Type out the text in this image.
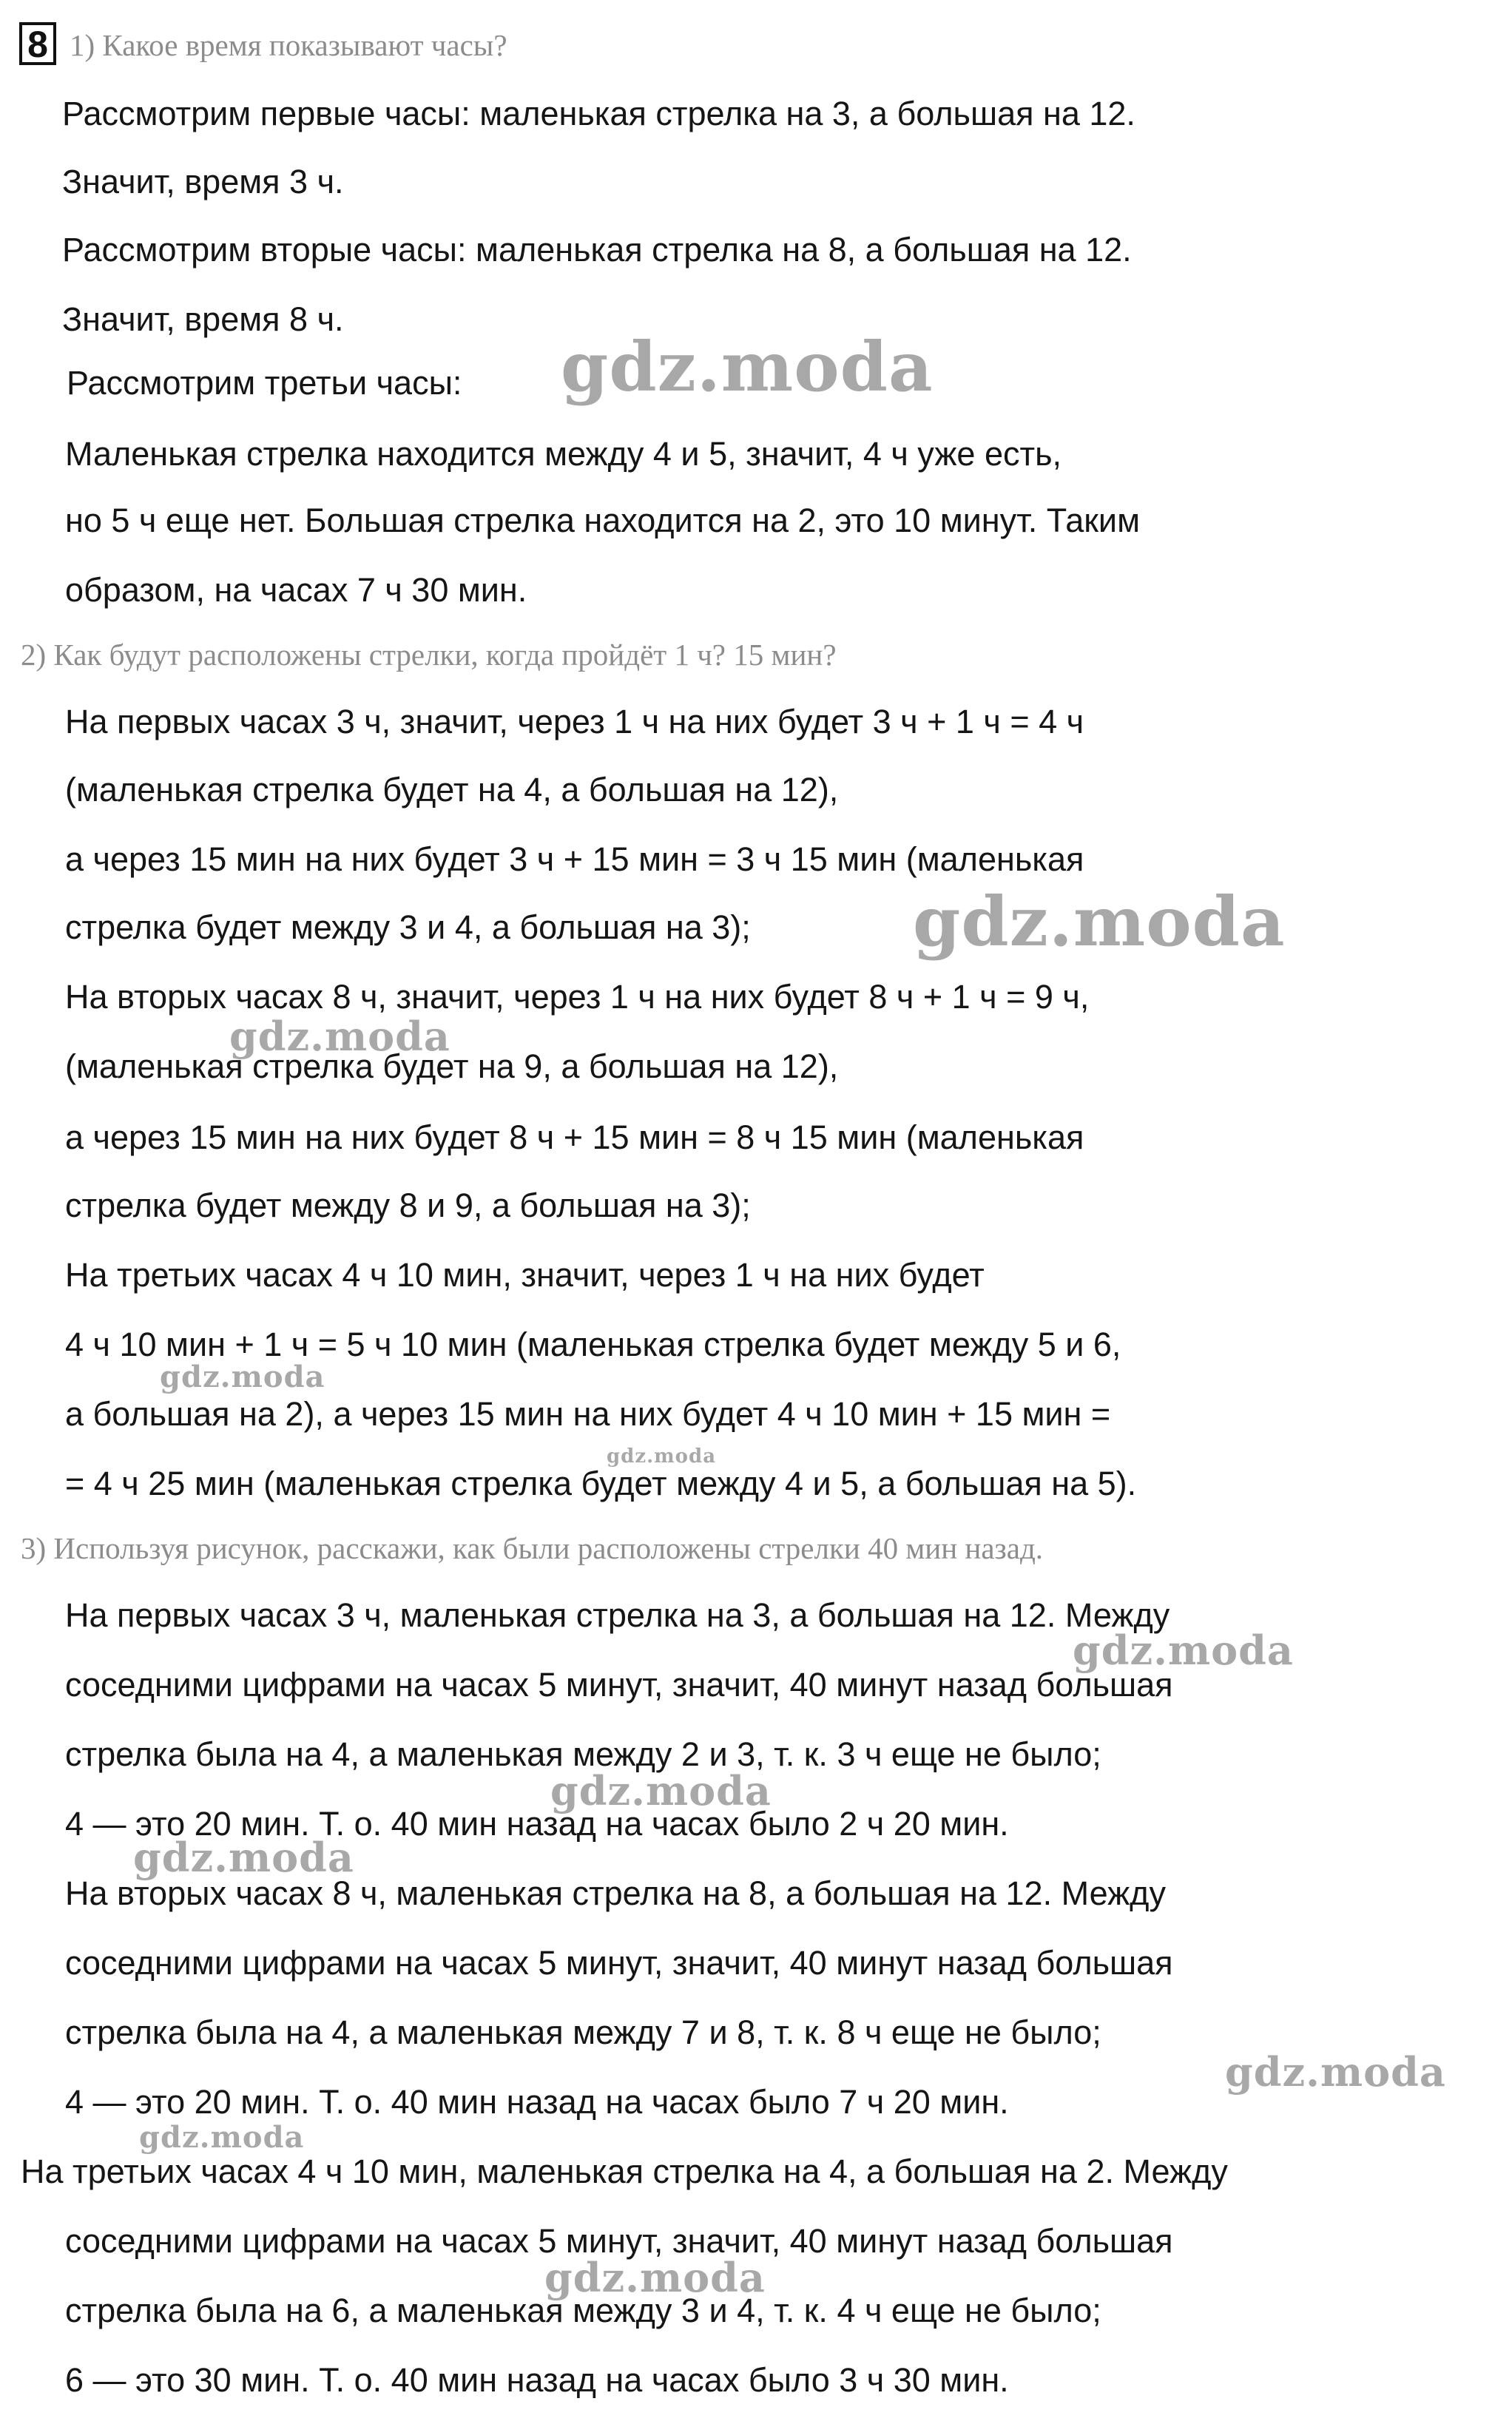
8 1) Какое время показывают часы?
Рассмотрим первые часы: маленькая стрелка на 3, а большая на 12.
Значит, время 3 ч.
Рассмотрим вторые часы: маленькая стрелка на 8, а большая на 12.
Значит, время 8 ч.
Рассмотрим третьи часы:
Маленькая стрелка находится между 4 и 5, значит, 4 ч уже есть,
но 5 ч еще нет. Большая стрелка находится на 2, это 10 минут. Таким
образом, на часах 7 ч 30 мин.
2) Как будут расположены стрелки, когда пройдёт 1 ч? 15 мин?
На первых часах 3 ч, значит, через 1 ч на них будет 3 ч + 1 ч = 4 ч
(маленькая стрелка будет на 4, а большая на 12),
а через 15 мин на них будет 3 ч + 15 мин = 3 ч 15 мин (маленькая
стрелка будет между 3 и 4, а большая на 3);
На вторых часах 8 ч, значит, через 1 ч на них будет 8 ч + 1 ч = 9 ч,
(маленькая стрелка будет на 9, а большая на 12),
а через 15 мин на них будет 8 ч + 15 мин = 8 ч 15 мин (маленькая
стрелка будет между 8 и 9, а большая на 3);
На третьих часах 4 ч 10 мин, значит, через 1 ч на них будет
4 ч 10 мин + 1 ч = 5 ч 10 мин (маленькая стрелка будет между 5 и 6,
а большая на 2), а через 15 мин на них будет 4 ч 10 мин + 15 мин =
= 4 ч 25 мин (маленькая стрелка будет между 4 и 5, а большая на 5).
3) Используя рисунок, расскажи, как были расположены стрелки 40 мин назад.
На первых часах 3 ч, маленькая стрелка на 3, а большая на 12. Между
соседними цифрами на часах 5 минут, значит, 40 минут назад большая
стрелка была на 4, а маленькая между 2 и 3, т. к. 3 ч еще не было;
4 — это 20 мин. Т. о. 40 мин назад на часах было 2 ч 20 мин.
На вторых часах 8 ч, маленькая стрелка на 8, а большая на 12. Между
соседними цифрами на часах 5 минут, значит, 40 минут назад большая
стрелка была на 4, а маленькая между 7 и 8, т. к. 8 ч еще не было;
4 — это 20 мин. Т. о. 40 мин назад на часах было 7 ч 20 мин.
На третьих часах 4 ч 10 мин, маленькая стрелка на 4, а большая на 2. Между
соседними цифрами на часах 5 минут, значит, 40 минут назад большая
стрелка была на 6, а маленькая между 3 и 4, т. к. 4 ч еще не было;
6 — это 30 мин. Т. о. 40 мин назад на часах было 3 ч 30 мин.
gdz.moda
gdz.moda
gdz.moda
gdz.moda
gdz.moda
gdz.moda
gdz.moda
gdz.moda
gdz.moda
gdz.moda
gdz.moda
